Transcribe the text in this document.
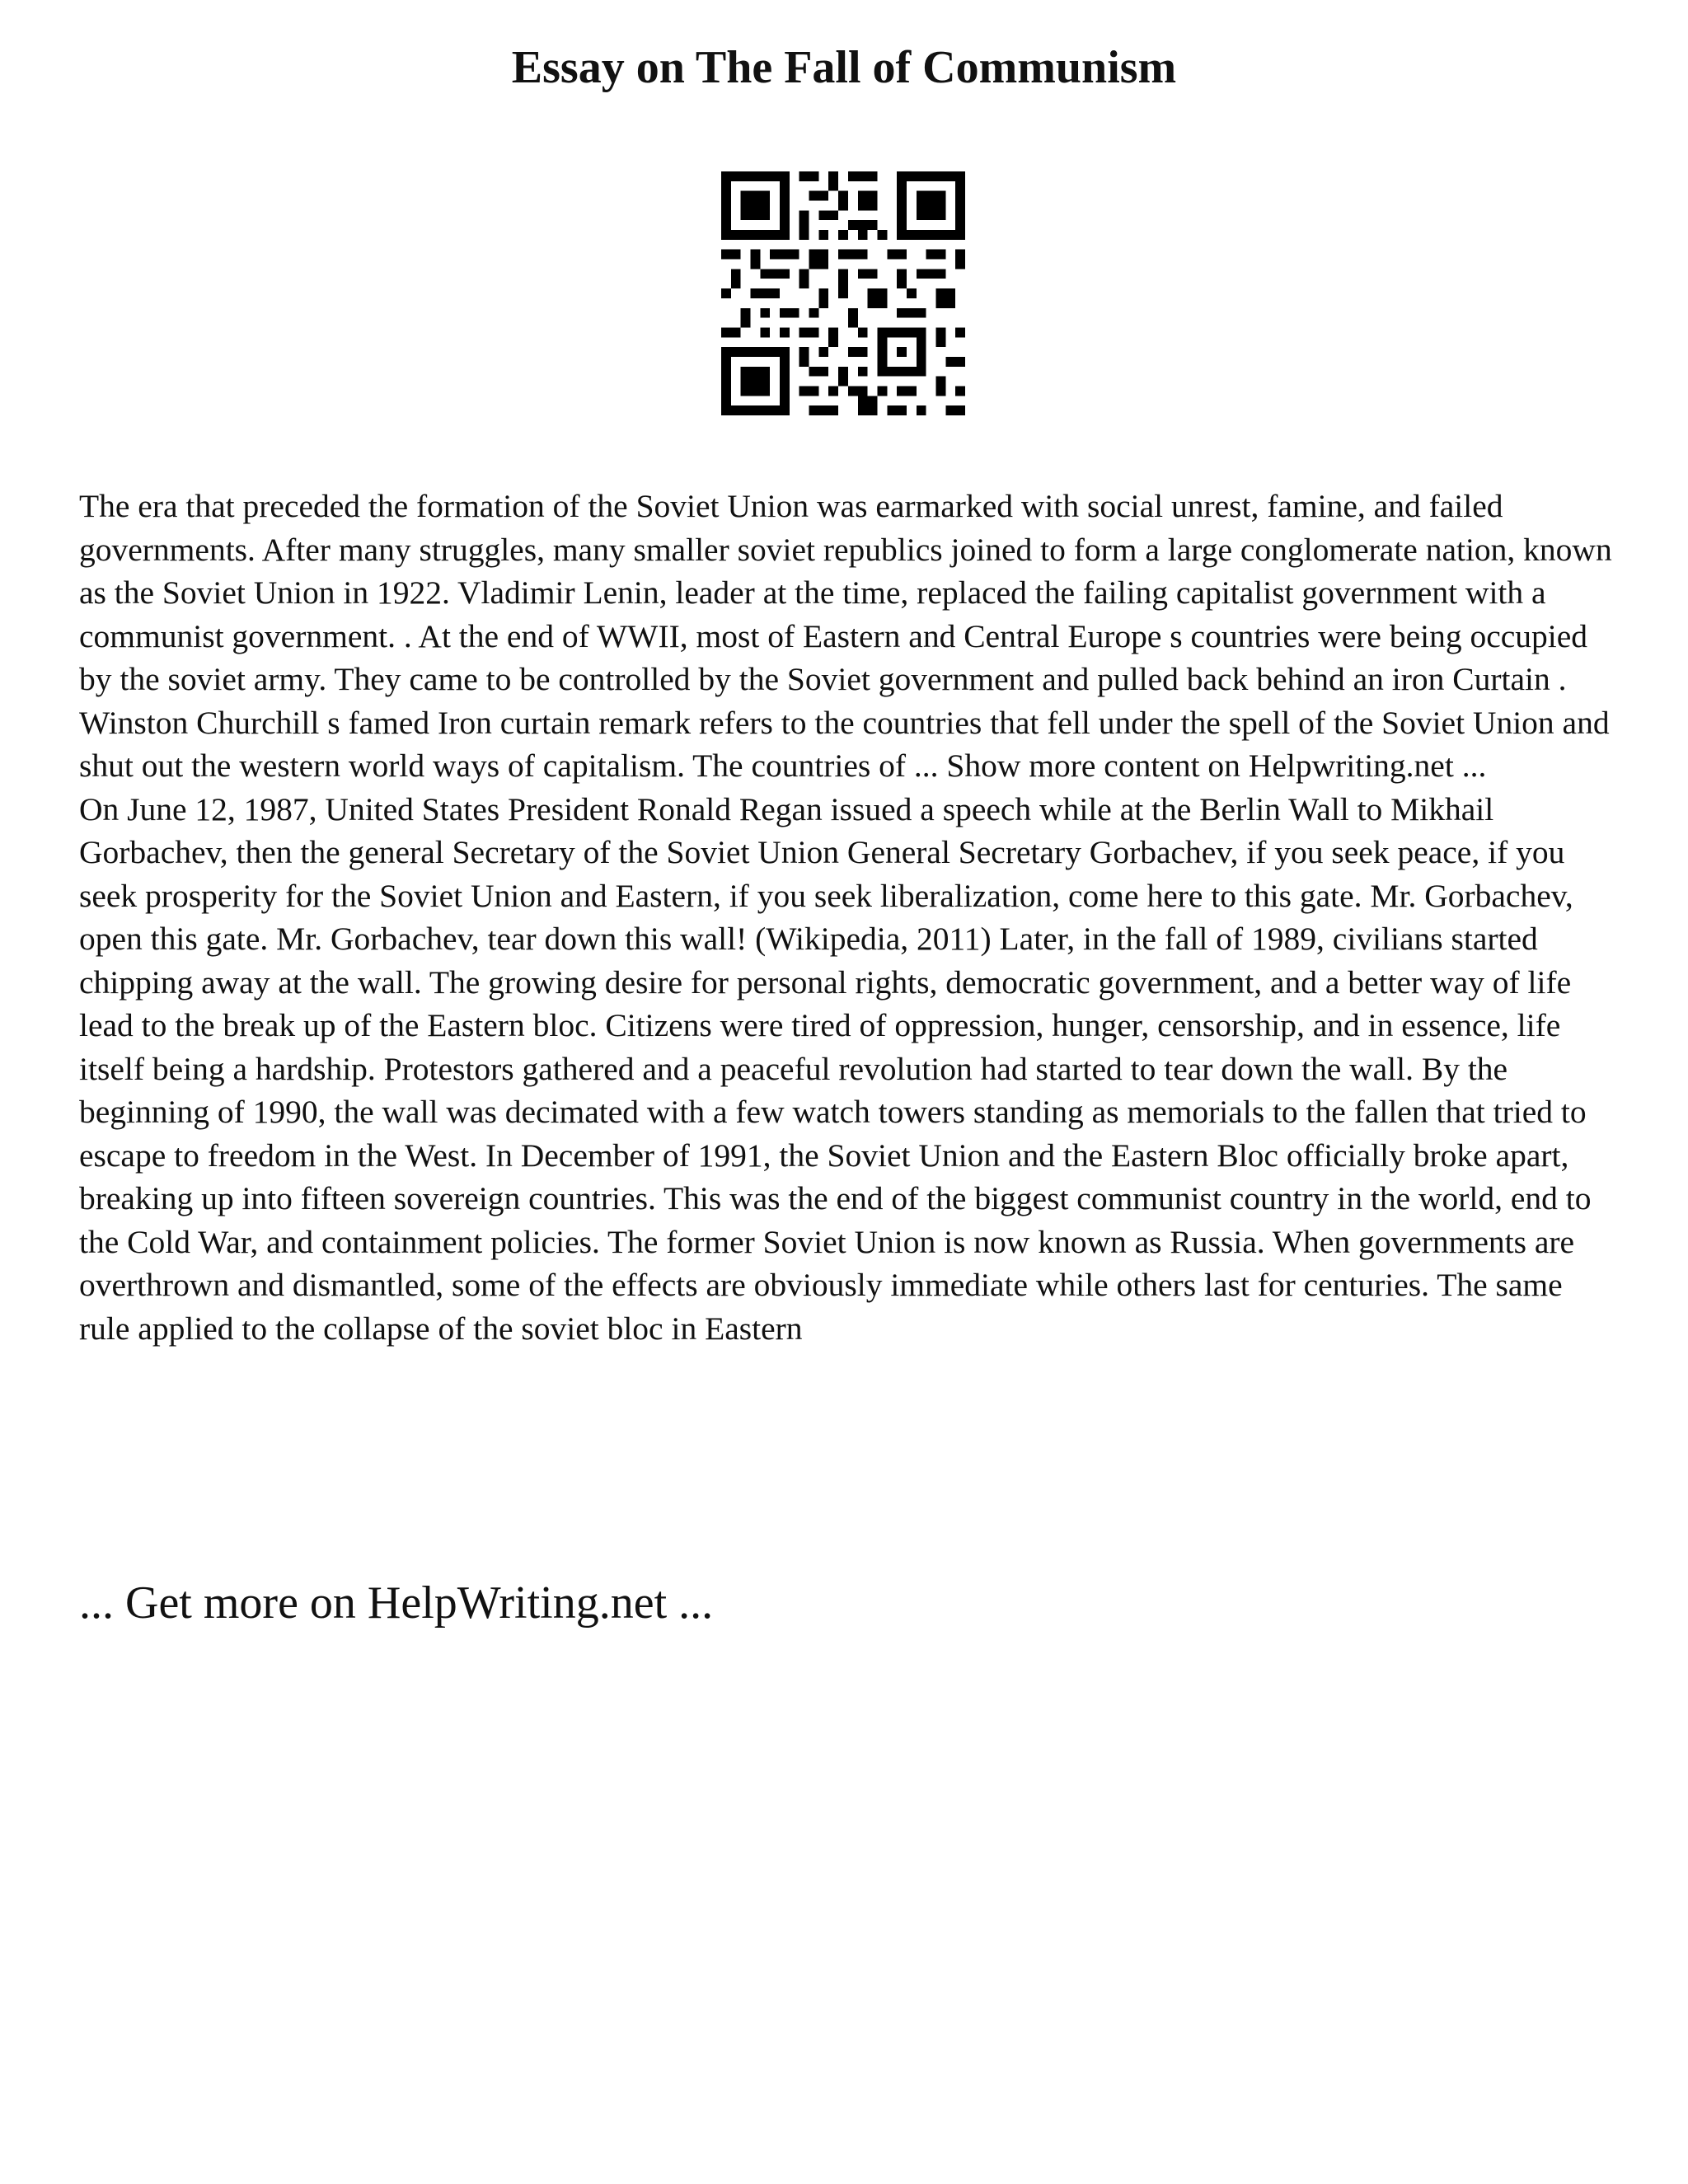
Essay on The Fall of Communism

The era that preceded the formation of the Soviet Union was earmarked with social unrest, famine, and failed governments. After many struggles, many smaller soviet republics joined to form a large conglomerate nation, known as the Soviet Union in 1922. Vladimir Lenin, leader at the time, replaced the failing capitalist government with a communist government. . At the end of WWII, most of Eastern and Central Europe s countries were being occupied by the soviet army. They came to be controlled by the Soviet government and pulled back behind an iron Curtain . Winston Churchill s famed Iron curtain remark refers to the countries that fell under the spell of the Soviet Union and shut out the western world ways of capitalism. The countries of ... Show more content on Helpwriting.net ...

On June 12, 1987, United States President Ronald Regan issued a speech while at the Berlin Wall to Mikhail Gorbachev, then the general Secretary of the Soviet Union General Secretary Gorbachev, if you seek peace, if you seek prosperity for the Soviet Union and Eastern, if you seek liberalization, come here to this gate. Mr. Gorbachev, open this gate. Mr. Gorbachev, tear down this wall! (Wikipedia, 2011) Later, in the fall of 1989, civilians started chipping away at the wall. The growing desire for personal rights, democratic government, and a better way of life lead to the break up of the Eastern bloc. Citizens were tired of oppression, hunger, censorship, and in essence, life itself being a hardship. Protestors gathered and a peaceful revolution had started to tear down the wall. By the beginning of 1990, the wall was decimated with a few watch towers standing as memorials to the fallen that tried to escape to freedom in the West. In December of 1991, the Soviet Union and the Eastern Bloc officially broke apart, breaking up into fifteen sovereign countries. This was the end of the biggest communist country in the world, end to the Cold War, and containment policies. The former Soviet Union is now known as Russia. When governments are overthrown and dismantled, some of the effects are obviously immediate while others last for centuries. The same rule applied to the collapse of the soviet bloc in Eastern

... Get more on HelpWriting.net ...
